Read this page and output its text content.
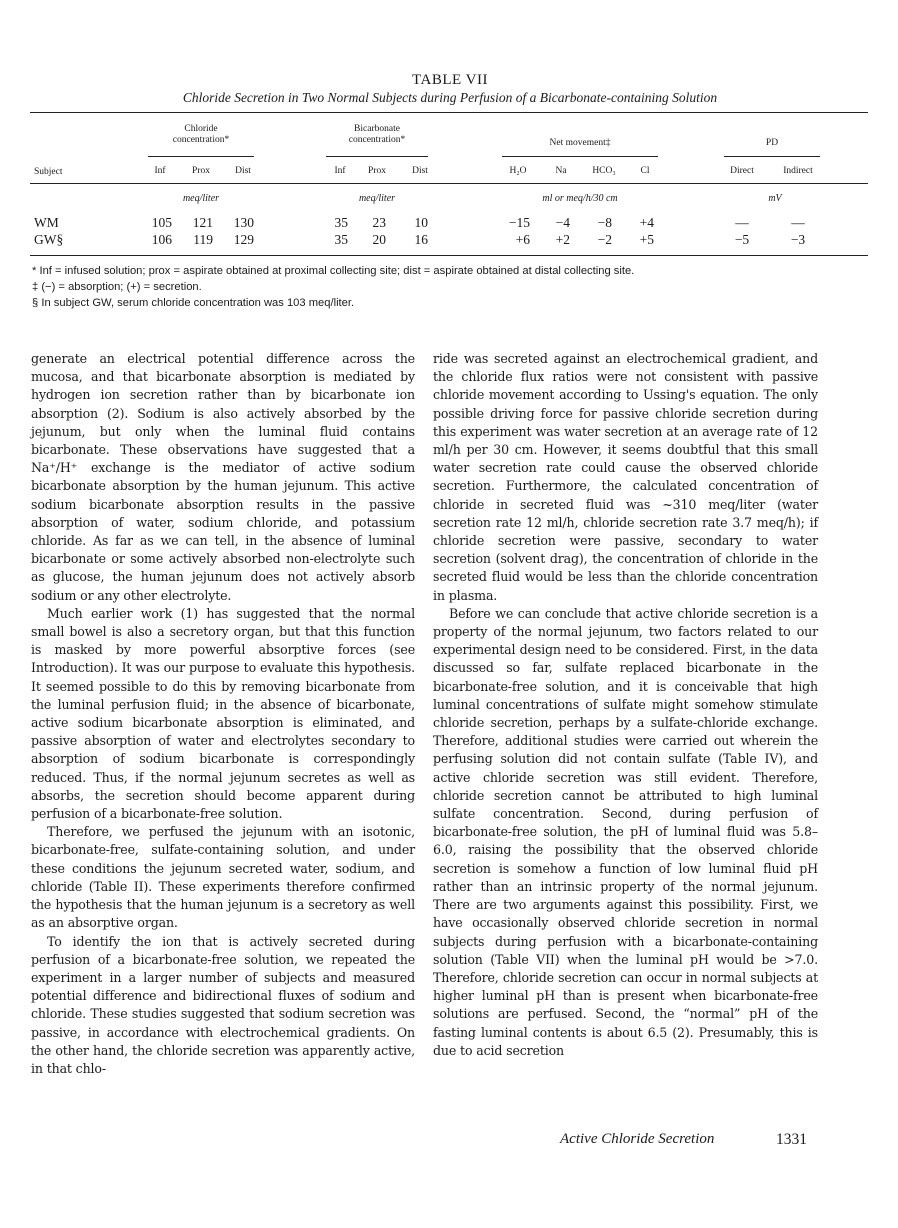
TABLE VII
Chloride Secretion in Two Normal Subjects during Perfusion of a Bicarbonate-containing Solution
Chloride
concentration*
Bicarbonate
concentration*	Net movement‡	PD
Subject	Inf	Prox	Dist	Inf	Prox	Dist	H₂O	Na	HCO₃	Cl	Direct	Indirect
meq/liter	meq/liter	ml or meq/h/30 cm	mV
WM	105	121	130	35	23	10	−15	−4	−8	+4	—	—
GW§	106	119	129	35	20	16	+6	+2	−2	+5	−5	−3
* Inf = infused solution; prox = aspirate obtained at proximal collecting site; dist = aspirate obtained at distal collecting site.
‡ (−) = absorption; (+) = secretion.
§ In subject GW, serum chloride concentration was 103 meq/liter.

generate an electrical potential difference across the mucosa, and that bicarbonate absorption is mediated by hydrogen ion secretion rather than by bicarbonate ion absorption (2). Sodium is also actively absorbed by the jejunum, but only when the luminal fluid contains bicarbonate. These observations have suggested that a Na⁺/H⁺ exchange is the mediator of active sodium bicarbonate absorption by the human jejunum. This active sodium bicarbonate absorption results in the passive absorption of water, sodium chloride, and potassium chloride. As far as we can tell, in the absence of luminal bicarbonate or some actively absorbed non-electrolyte such as glucose, the human jejunum does not actively absorb sodium or any other electrolyte.

Much earlier work (1) has suggested that the normal small bowel is also a secretory organ, but that this function is masked by more powerful absorptive forces (see Introduction). It was our purpose to evaluate this hypothesis. It seemed possible to do this by removing bicarbonate from the luminal perfusion fluid; in the absence of bicarbonate, active sodium bicarbonate absorption is eliminated, and passive absorption of water and electrolytes secondary to absorption of sodium bicarbonate is correspondingly reduced. Thus, if the normal jejunum secretes as well as absorbs, the secretion should become apparent during perfusion of a bicarbonate-free solution.

Therefore, we perfused the jejunum with an isotonic, bicarbonate-free, sulfate-containing solution, and under these conditions the jejunum secreted water, sodium, and chloride (Table II). These experiments therefore confirmed the hypothesis that the human jejunum is a secretory as well as an absorptive organ.

To identify the ion that is actively secreted during perfusion of a bicarbonate-free solution, we repeated the experiment in a larger number of subjects and measured potential difference and bidirectional fluxes of sodium and chloride. These studies suggested that sodium secretion was passive, in accordance with electrochemical gradients. On the other hand, the chloride secretion was apparently active, in that chlo-

ride was secreted against an electrochemical gradient, and the chloride flux ratios were not consistent with passive chloride movement according to Ussing's equation. The only possible driving force for passive chloride secretion during this experiment was water secretion at an average rate of 12 ml/h per 30 cm. However, it seems doubtful that this small water secretion rate could cause the observed chloride secretion. Furthermore, the calculated concentration of chloride in secreted fluid was ~310 meq/liter (water secretion rate 12 ml/h, chloride secretion rate 3.7 meq/h); if chloride secretion were passive, secondary to water secretion (solvent drag), the concentration of chloride in the secreted fluid would be less than the chloride concentration in plasma.

Before we can conclude that active chloride secretion is a property of the normal jejunum, two factors related to our experimental design need to be considered. First, in the data discussed so far, sulfate replaced bicarbonate in the bicarbonate-free solution, and it is conceivable that high luminal concentrations of sulfate might somehow stimulate chloride secretion, perhaps by a sulfate-chloride exchange. Therefore, additional studies were carried out wherein the perfusing solution did not contain sulfate (Table IV), and active chloride secretion was still evident. Therefore, chloride secretion cannot be attributed to high luminal sulfate concentration. Second, during perfusion of bicarbonate-free solution, the pH of luminal fluid was 5.8–6.0, raising the possibility that the observed chloride secretion is somehow a function of low luminal fluid pH rather than an intrinsic property of the normal jejunum. There are two arguments against this possibility. First, we have occasionally observed chloride secretion in normal subjects during perfusion with a bicarbonate-containing solution (Table VII) when the luminal pH would be >7.0. Therefore, chloride secretion can occur in normal subjects at higher luminal pH than is present when bicarbonate-free solutions are perfused. Second, the “normal” pH of the fasting luminal contents is about 6.5 (2). Presumably, this is due to acid secretion

Active Chloride Secretion	1331
